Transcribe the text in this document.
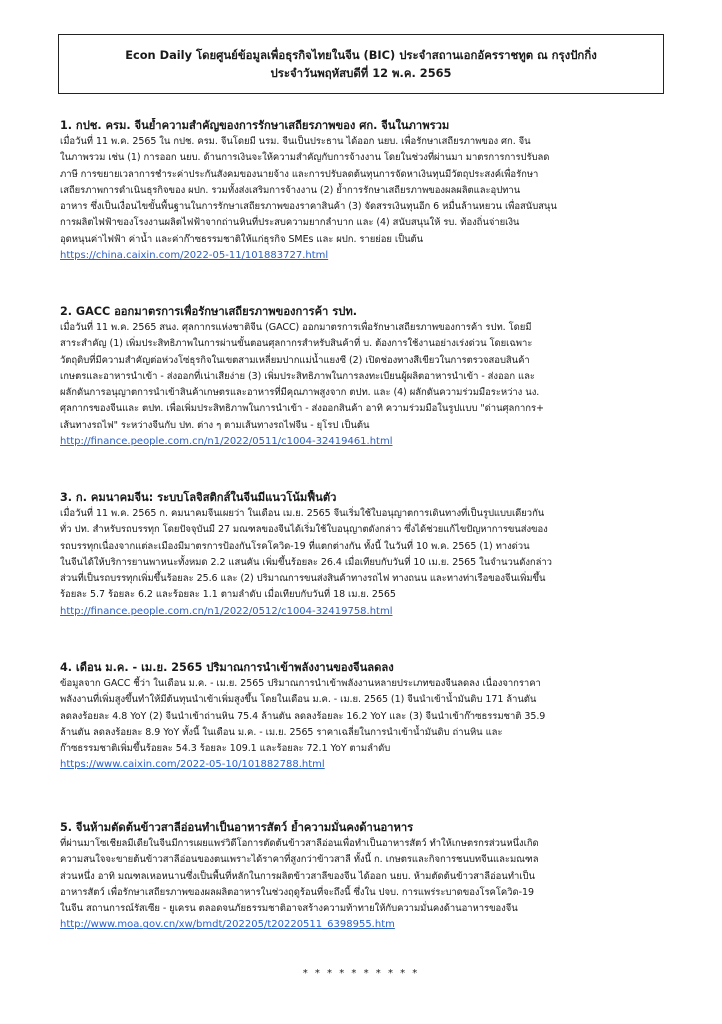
Econ Daily โดยศูนย์ข้อมูลเพื่อธุรกิจไทยในจีน (BIC) ประจำสถานเอกอัครราชทูต ณ กรุงปักกิ่ง
ประจำวันพฤหัสบดีที่ 12 พ.ค. 2565
1. กปช. ครม. จีนย้ำความสำคัญของการรักษาเสถียรภาพของ ศก. จีนในภาพรวม
เมื่อวันที่ 11 พ.ค. 2565 ใน กปช. ครม. จีนโดยมี นรม. จีนเป็นประธาน ได้ออก นยบ. เพื่อรักษาเสถียรภาพของ ศก. จีน
ในภาพรวม เช่น (1) การออก นยบ. ด้านการเงินจะให้ความสำคัญกับการจ้างงาน โดยในช่วงที่ผ่านมา มาตรการการปรับลด
ภาษี การขยายเวลาการชำระค่าประกันสังคมของนายจ้าง และการปรับลดต้นทุนการจัดหาเงินทุนมีวัตถุประสงค์เพื่อรักษา
เสถียรภาพการดำเนินธุรกิจของ ผปก. รวมทั้งส่งเสริมการจ้างงาน (2) ย้ำการรักษาเสถียรภาพของผลผลิตและอุปทาน
อาหาร ซึ่งเป็นเงื่อนไขขั้นพื้นฐานในการรักษาเสถียรภาพของราคาสินค้า (3) จัดสรรเงินทุนอีก 6 หมื่นล้านหยวน เพื่อสนับสนุน
การผลิตไฟฟ้าของโรงงานผลิตไฟฟ้าจากถ่านหินที่ประสบความยากลำบาก และ (4) สนับสนุนให้ รบ. ท้องถิ่นจ่ายเงิน
อุดหนุนค่าไฟฟ้า ค่าน้ำ และค่าก๊าซธรรมชาติให้แก่ธุรกิจ SMEs และ ผปก. รายย่อย เป็นต้น
https://china.caixin.com/2022-05-11/101883727.html
2. GACC ออกมาตรการเพื่อรักษาเสถียรภาพของการค้า รปท.
เมื่อวันที่ 11 พ.ค. 2565 สนง. ศุลกากรแห่งชาติจีน (GACC) ออกมาตรการเพื่อรักษาเสถียรภาพของการค้า รปท. โดยมี
สาระสำคัญ (1) เพิ่มประสิทธิภาพในการผ่านขั้นตอนศุลกากรสำหรับสินค้าที่ บ. ต้องการใช้งานอย่างเร่งด่วน โดยเฉพาะ
วัตถุดิบที่มีความสำคัญต่อห่วงโซ่ธุรกิจในเขตสามเหลี่ยมปากแม่น้ำแยงซี (2) เปิดช่องทางสีเขียวในการตรวจสอบสินค้า
เกษตรและอาหารนำเข้า - ส่งออกที่เน่าเสียง่าย (3) เพิ่มประสิทธิภาพในการลงทะเบียนผู้ผลิตอาหารนำเข้า - ส่งออก และ
ผลักดันการอนุญาตการนำเข้าสินค้าเกษตรและอาหารที่มีคุณภาพสูงจาก ตปท. และ (4) ผลักดันความร่วมมือระหว่าง นง.
ศุลกากรของจีนและ ตปท. เพื่อเพิ่มประสิทธิภาพในการนำเข้า - ส่งออกสินค้า อาทิ ความร่วมมือในรูปแบบ "ด่านศุลกากร+
เส้นทางรถไฟ" ระหว่างจีนกับ ปท. ต่าง ๆ ตามเส้นทางรถไฟจีน - ยุโรป เป็นต้น
http://finance.people.com.cn/n1/2022/0511/c1004-32419461.html
3. ก. คมนาคมจีน: ระบบโลจิสติกส์ในจีนมีแนวโน้มฟื้นตัว
เมื่อวันที่ 11 พ.ค. 2565 ก. คมนาคมจีนเผยว่า ในเดือน เม.ย. 2565 จีนเริ่มใช้ใบอนุญาตการเดินทางที่เป็นรูปแบบเดียวกัน
ทั่ว ปท. สำหรับรถบรรทุก โดยปัจจุบันมี 27 มณฑลของจีนได้เริ่มใช้ใบอนุญาตดังกล่าว ซึ่งได้ช่วยแก้ไขปัญหาการขนส่งของ
รถบรรทุกเนื่องจากแต่ละเมืองมีมาตรการป้องกันโรคโควิด-19 ที่แตกต่างกัน ทั้งนี้ ในวันที่ 10 พ.ค. 2565 (1) ทางด่วน
ในจีนได้ให้บริการยานพาหนะทั้งหมด 2.2 แสนคัน เพิ่มขึ้นร้อยละ 26.4 เมื่อเทียบกับวันที่ 10 เม.ย. 2565 ในจำนวนดังกล่าว
ส่วนที่เป็นรถบรรทุกเพิ่มขึ้นร้อยละ 25.6 และ (2) ปริมาณการขนส่งสินค้าทางรถไฟ ทางถนน และทางท่าเรือของจีนเพิ่มขึ้น
ร้อยละ 5.7 ร้อยละ 6.2 และร้อยละ 1.1 ตามลำดับ เมื่อเทียบกับวันที่ 18 เม.ย. 2565
http://finance.people.com.cn/n1/2022/0512/c1004-32419758.html
4. เดือน ม.ค. - เม.ย. 2565 ปริมาณการนำเข้าพลังงานของจีนลดลง
ข้อมูลจาก GACC ชี้ว่า ในเดือน ม.ค. - เม.ย. 2565 ปริมาณการนำเข้าพลังงานหลายประเภทของจีนลดลง เนื่องจากราคา
พลังงานที่เพิ่มสูงขึ้นทำให้มีต้นทุนนำเข้าเพิ่มสูงขึ้น โดยในเดือน ม.ค. - เม.ย. 2565 (1) จีนนำเข้าน้ำมันดิบ 171 ล้านตัน
ลดลงร้อยละ 4.8 YoY (2) จีนนำเข้าถ่านหิน 75.4 ล้านตัน ลดลงร้อยละ 16.2 YoY และ (3) จีนนำเข้าก๊าซธรรมชาติ 35.9
ล้านตัน ลดลงร้อยละ 8.9 YoY ทั้งนี้ ในเดือน ม.ค. - เม.ย. 2565 ราคาเฉลี่ยในการนำเข้าน้ำมันดิบ ถ่านหิน และ
ก๊าซธรรมชาติเพิ่มขึ้นร้อยละ 54.3 ร้อยละ 109.1 และร้อยละ 72.1 YoY ตามลำดับ
https://www.caixin.com/2022-05-10/101882788.html
5. จีนห้ามตัดต้นข้าวสาลีอ่อนทำเป็นอาหารสัตว์ ย้ำความมั่นคงด้านอาหาร
ที่ผ่านมาโซเชียลมีเดียในจีนมีการเผยแพร่วิดีโอการตัดต้นข้าวสาลีอ่อนเพื่อทำเป็นอาหารสัตว์ ทำให้เกษตรกรส่วนหนึ่งเกิด
ความสนใจจะขายต้นข้าวสาลีอ่อนของตนเพราะได้ราคาที่สูงกว่าข้าวสาลี ทั้งนี้ ก. เกษตรและกิจการชนบทจีนและมณฑล
ส่วนหนึ่ง อาทิ มณฑลเหอหนานซึ่งเป็นพื้นที่หลักในการผลิตข้าวสาลีของจีน ได้ออก นยบ. ห้ามตัดต้นข้าวสาลีอ่อนทำเป็น
อาหารสัตว์ เพื่อรักษาเสถียรภาพของผลผลิตอาหารในช่วงฤดูร้อนที่จะถึงนี้ ซึ่งใน ปจบ. การแพร่ระบาดของโรคโควิด-19
ในจีน สถานการณ์รัสเซีย - ยูเครน ตลอดจนภัยธรรมชาติอาจสร้างความท้าทายให้กับความมั่นคงด้านอาหารของจีน
http://www.moa.gov.cn/xw/bmdt/202205/t20220511_6398955.htm
* * * * * * * * * *
